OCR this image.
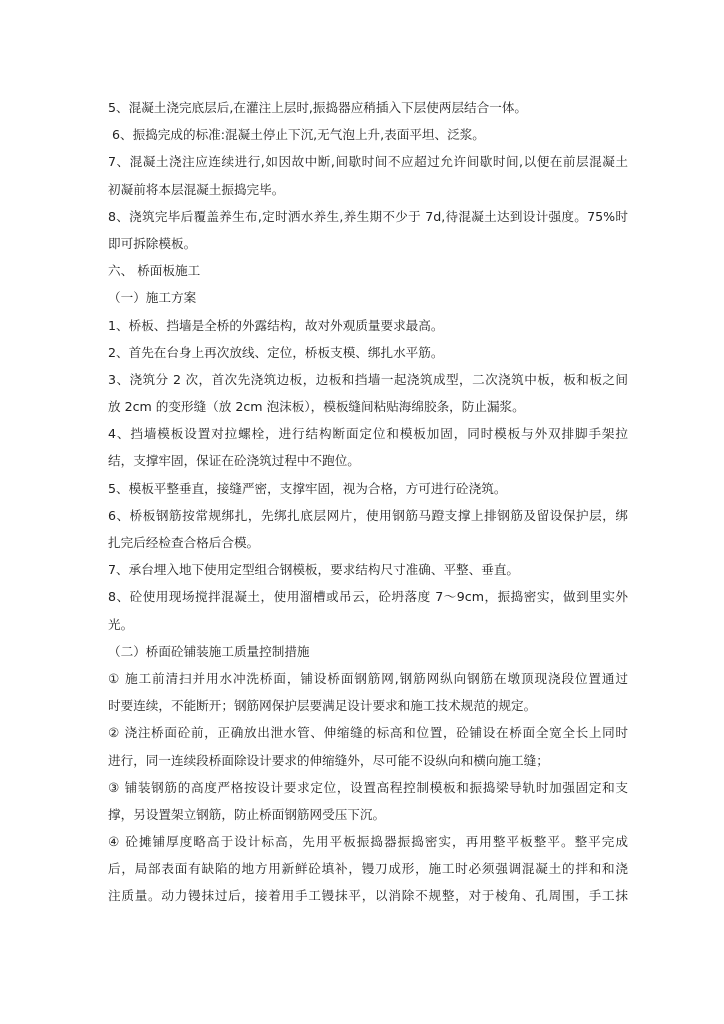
5、混凝土浇完底层后,在灌注上层时,振捣器应稍插入下层使两层结合一体。
6、振捣完成的标准:混凝土停止下沉,无气泡上升,表面平坦、泛浆。
7、混凝土浇注应连续进行,如因故中断,间歇时间不应超过允许间歇时间,以便在前层混凝土
初凝前将本层混凝土振捣完毕。
8、浇筑完毕后覆盖养生布,定时洒水养生,养生期不少于 7d,待混凝土达到设计强度。75%时
即可拆除模板。
六、 桥面板施工
（一）施工方案
1、桥板、挡墙是全桥的外露结构，故对外观质量要求最高。
2、首先在台身上再次放线、定位，桥板支模、绑扎水平筋。
3、浇筑分 2 次，首次先浇筑边板，边板和挡墙一起浇筑成型，二次浇筑中板，板和板之间
放 2cm 的变形缝（放 2cm 泡沫板），模板缝间粘贴海绵胶条，防止漏浆。
4、挡墙模板设置对拉螺栓，进行结构断面定位和模板加固，同时模板与外双排脚手架拉
结，支撑牢固，保证在砼浇筑过程中不跑位。
5、模板平整垂直，接缝严密，支撑牢固，视为合格，方可进行砼浇筑。
6、桥板钢筋按常规绑扎，先绑扎底层网片，使用钢筋马蹬支撑上排钢筋及留设保护层，绑
扎完后经检查合格后合模。
7、承台埋入地下使用定型组合钢模板，要求结构尺寸准确、平整、垂直。
8、砼使用现场搅拌混凝土，使用溜槽或吊云，砼坍落度 7～9cm，振捣密实，做到里实外
光。
（二）桥面砼铺装施工质量控制措施
① 施工前清扫并用水冲洗桥面，铺设桥面钢筋网,钢筋网纵向钢筋在墩顶现浇段位置通过
时要连续，不能断开；钢筋网保护层要满足设计要求和施工技术规范的规定。
② 浇注桥面砼前，正确放出泄水管、伸缩缝的标高和位置，砼铺设在桥面全宽全长上同时
进行，同一连续段桥面除设计要求的伸缩缝外，尽可能不设纵向和横向施工缝；
③ 铺装钢筋的高度严格按设计要求定位，设置高程控制模板和振捣梁导轨时加强固定和支
撑，另设置架立钢筋，防止桥面钢筋网受压下沉。
④ 砼摊铺厚度略高于设计标高，先用平板振捣器振捣密实，再用整平板整平。整平完成
后，局部表面有缺陷的地方用新鲜砼填补，镘刀成形，施工时必须强调混凝土的拌和和浇
注质量。动力镘抹过后，接着用手工镘抹平，以消除不规整，对于棱角、孔周围，手工抹
